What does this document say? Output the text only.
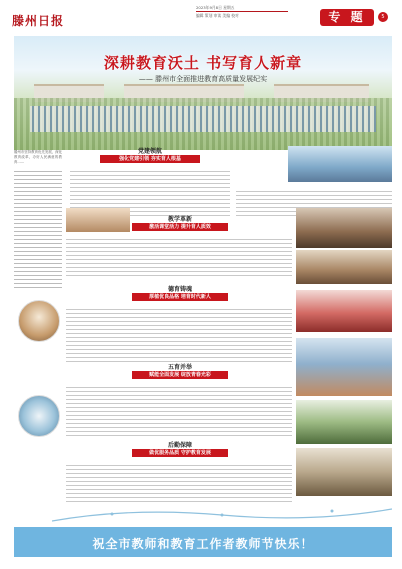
滕州日报
2023年9月8日 星期五
编辑 策划 审读 美编 校对	专 题	5
深耕教育沃土 书写育人新章
—— 滕州市全面推进教育高质量发展纪实

滕州市坚持教育优先发展，深化教育改革，办好人民满意的教育……

党建领航
强化党建引领 夯实育人根基
教学革新
激活课堂活力 提升育人质效
德育铸魂
厚植优良品格 培育时代新人
五育并举
赋能全面发展 绽放青春光彩
后勤保障
做优服务品质 守护教育发展
祝全市教师和教育工作者教师节快乐！
